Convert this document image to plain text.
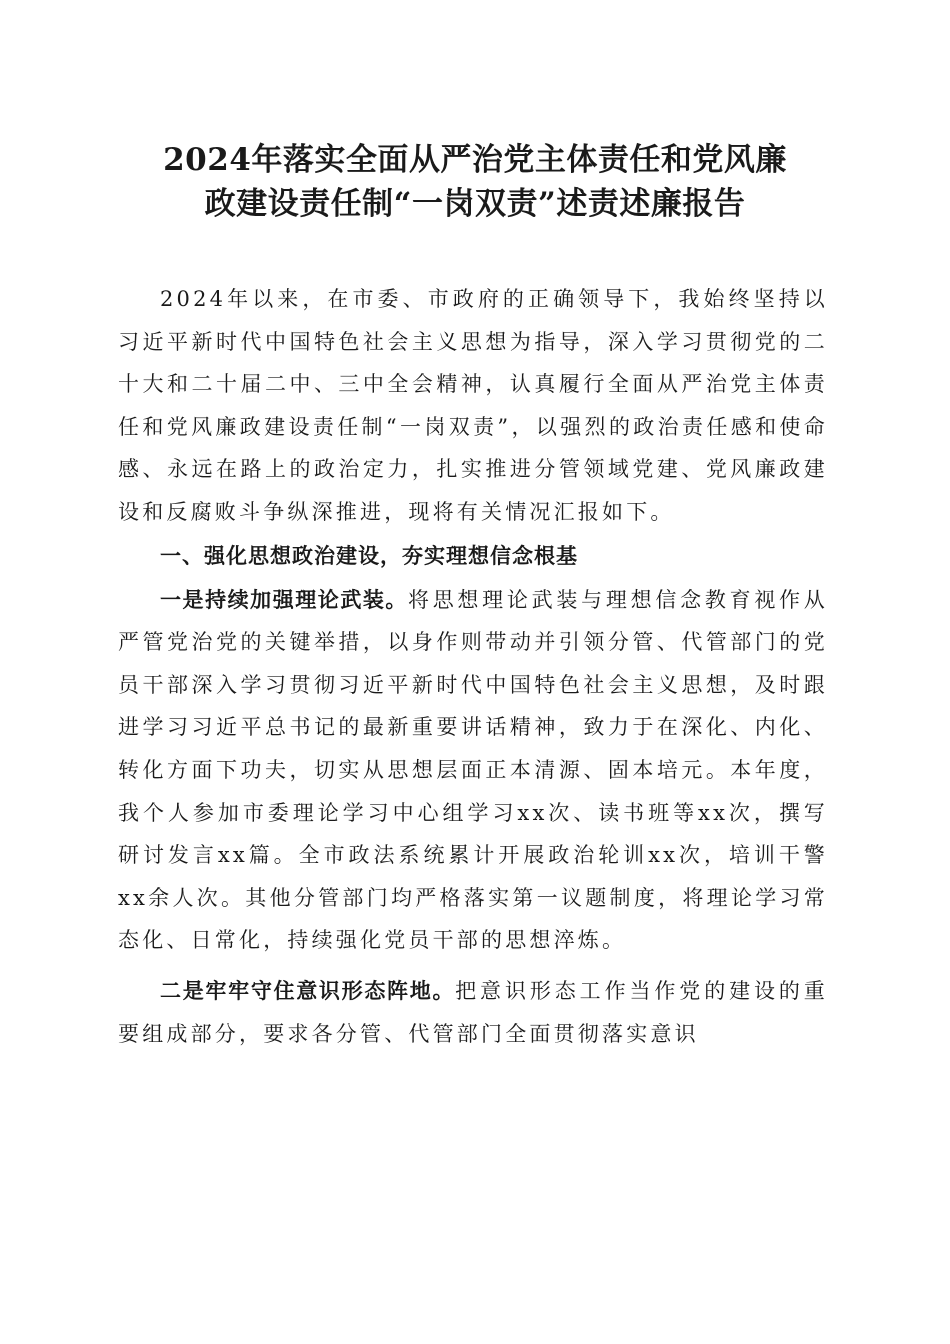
2024年落实全面从严治党主体责任和党风廉
政建设责任制“一岗双责”述责述廉报告

2024年以来，在市委、市政府的正确领导下，我始终坚持以习近平新时代中国特色社会主义思想为指导，深入学习贯彻党的二十大和二十届二中、三中全会精神，认真履行全面从严治党主体责任和党风廉政建设责任制“一岗双责”，以强烈的政治责任感和使命感、永远在路上的政治定力，扎实推进分管领域党建、党风廉政建设和反腐败斗争纵深推进，现将有关情况汇报如下。

一、强化思想政治建设，夯实理想信念根基

一是持续加强理论武装。将思想理论武装与理想信念教育视作从严管党治党的关键举措，以身作则带动并引领分管、代管部门的党员干部深入学习贯彻习近平新时代中国特色社会主义思想，及时跟进学习习近平总书记的最新重要讲话精神，致力于在深化、内化、转化方面下功夫，切实从思想层面正本清源、固本培元。本年度，我个人参加市委理论学习中心组学习xx次、读书班等xx次，撰写研讨发言xx篇。全市政法系统累计开展政治轮训xx次，培训干警xx余人次。其他分管部门均严格落实第一议题制度，将理论学习常态化、日常化，持续强化党员干部的思想淬炼。

二是牢牢守住意识形态阵地。把意识形态工作当作党的建设的重要组成部分，要求各分管、代管部门全面贯彻落实意识
